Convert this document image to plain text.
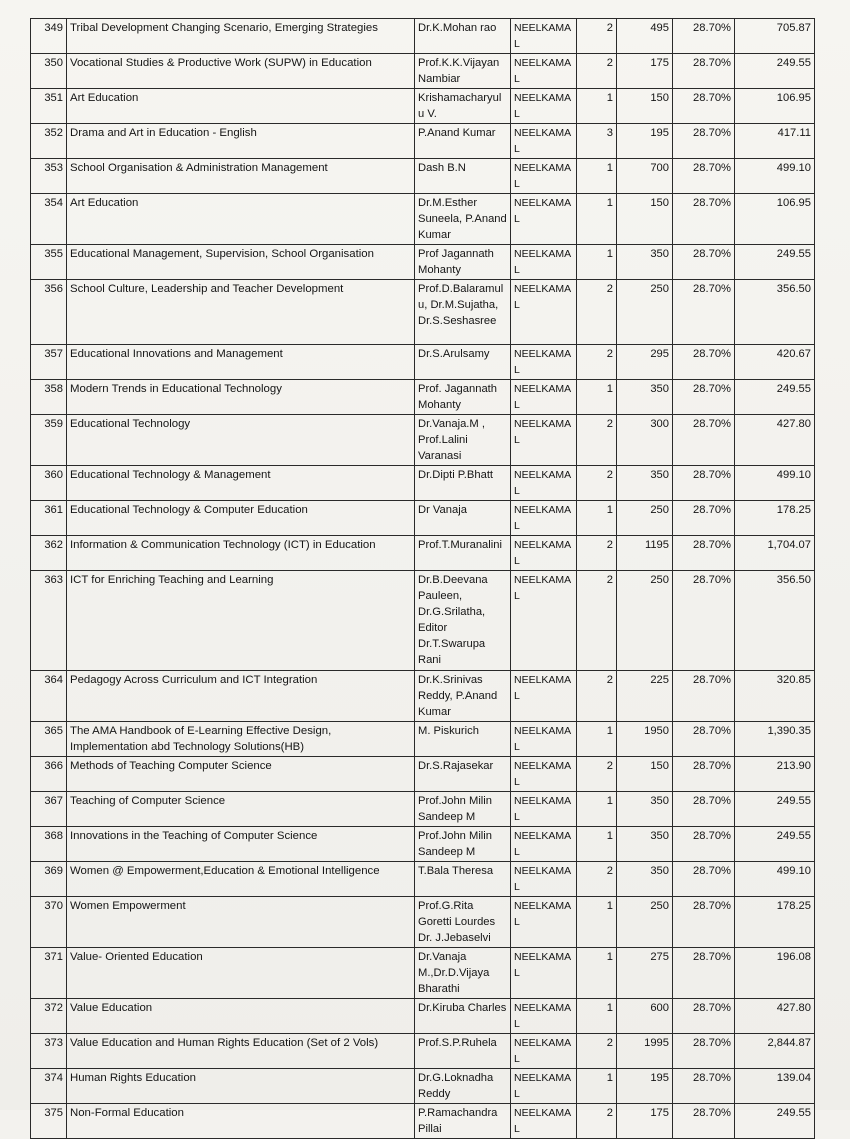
349	Tribal Development Changing Scenario, Emerging Strategies	Dr.K.Mohan rao	NEELKAMAL	2	495	28.70%	705.87
350	Vocational Studies & Productive Work (SUPW) in Education	Prof.K.K.Vijayan Nambiar	NEELKAMAL	2	175	28.70%	249.55
351	Art Education	Krishamacharyulu V.	NEELKAMAL	1	150	28.70%	106.95
352	Drama and Art in Education - English	P.Anand Kumar	NEELKAMAL	3	195	28.70%	417.11
353	School Organisation & Administration Management	Dash B.N	NEELKAMAL	1	700	28.70%	499.10
354	Art Education	Dr.M.Esther Suneela, P.Anand Kumar	NEELKAMAL	1	150	28.70%	106.95
355	Educational Management, Supervision, School Organisation	Prof Jagannath Mohanty	NEELKAMAL	1	350	28.70%	249.55
356	School Culture, Leadership and Teacher Development	Prof.D.Balaramulu, Dr.M.Sujatha, Dr.S.Seshasree	NEELKAMAL	2	250	28.70%	356.50
357	Educational Innovations and Management	Dr.S.Arulsamy	NEELKAMAL	2	295	28.70%	420.67
358	Modern Trends in Educational Technology	Prof. Jagannath Mohanty	NEELKAMAL	1	350	28.70%	249.55
359	Educational Technology	Dr.Vanaja.M , Prof.Lalini Varanasi	NEELKAMAL	2	300	28.70%	427.80
360	Educational Technology & Management	Dr.Dipti P.Bhatt	NEELKAMAL	2	350	28.70%	499.10
361	Educational Technology & Computer Education	Dr Vanaja	NEELKAMAL	1	250	28.70%	178.25
362	Information & Communication Technology (ICT) in Education	Prof.T.Muranalini	NEELKAMAL	2	1195	28.70%	1,704.07
363	ICT for Enriching Teaching and Learning	Dr.B.Deevana Pauleen, Dr.G.Srilatha, Editor Dr.T.Swarupa Rani	NEELKAMAL	2	250	28.70%	356.50
364	Pedagogy Across Curriculum and ICT Integration	Dr.K.Srinivas Reddy, P.Anand Kumar	NEELKAMAL	2	225	28.70%	320.85
365	The AMA Handbook of E-Learning Effective Design, Implementation abd Technology Solutions(HB)	M. Piskurich	NEELKAMAL	1	1950	28.70%	1,390.35
366	Methods of Teaching Computer Science	Dr.S.Rajasekar	NEELKAMAL	2	150	28.70%	213.90
367	Teaching of Computer Science	Prof.John Milin Sandeep M	NEELKAMAL	1	350	28.70%	249.55
368	Innovations in the Teaching of Computer Science	Prof.John Milin Sandeep M	NEELKAMAL	1	350	28.70%	249.55
369	Women @ Empowerment,Education & Emotional Intelligence	T.Bala Theresa	NEELKAMAL	2	350	28.70%	499.10
370	Women Empowerment	Prof.G.Rita Goretti Lourdes Dr. J.Jebaselvi	NEELKAMAL	1	250	28.70%	178.25
371	Value- Oriented Education	Dr.Vanaja M.,Dr.D.Vijaya Bharathi	NEELKAMAL	1	275	28.70%	196.08
372	Value Education	Dr.Kiruba Charles	NEELKAMAL	1	600	28.70%	427.80
373	Value Education and Human Rights Education (Set of 2 Vols)	Prof.S.P.Ruhela	NEELKAMAL	2	1995	28.70%	2,844.87
374	Human Rights Education	Dr.G.Loknadha Reddy	NEELKAMAL	1	195	28.70%	139.04
375	Non-Formal Education	P.Ramachandra Pillai	NEELKAMAL	2	175	28.70%	249.55
